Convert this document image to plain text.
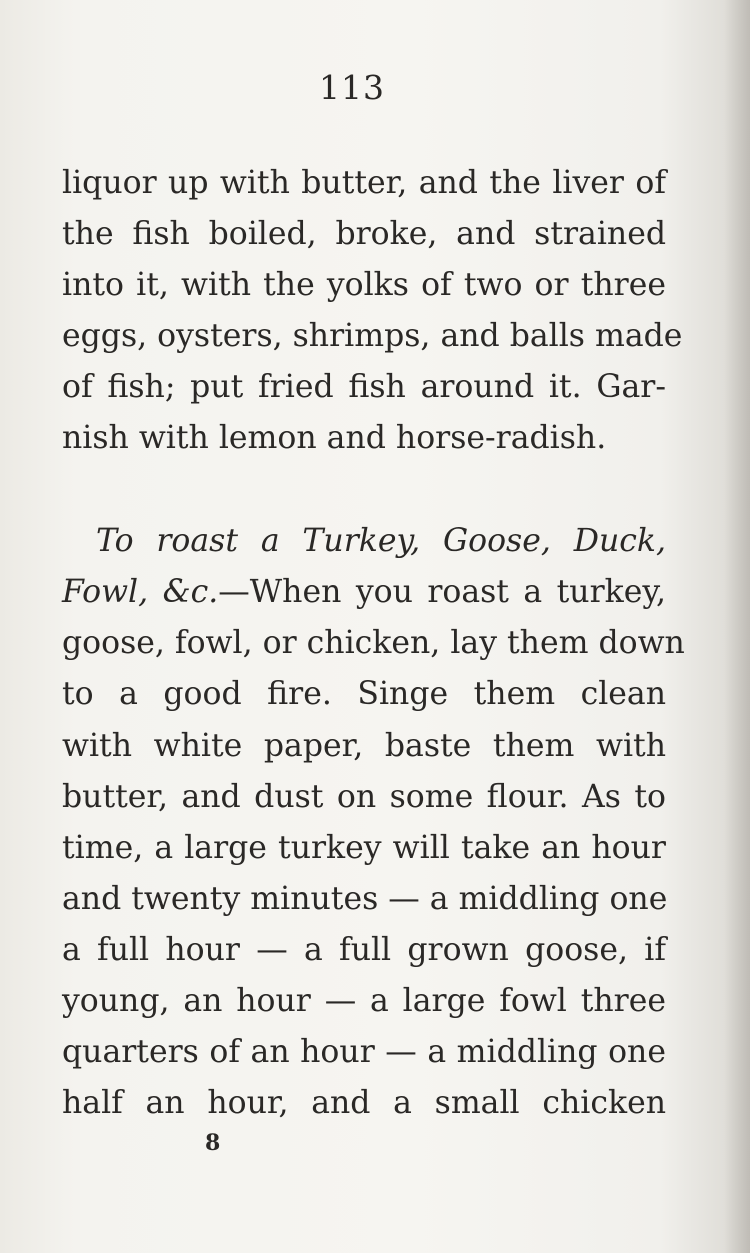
113
liquor up with butter, and the liver of
the fish boiled, broke, and strained
into it, with the yolks of two or three
eggs, oysters, shrimps, and balls made
of fish; put fried fish around it. Gar-
nish with lemon and horse-radish.
To roast a Turkey, Goose, Duck,
Fowl, &c.—When you roast a turkey,
goose, fowl, or chicken, lay them down
to a good fire. Singe them clean
with white paper, baste them with
butter, and dust on some flour. As to
time, a large turkey will take an hour
and twenty minutes — a middling one
a full hour — a full grown goose, if
young, an hour — a large fowl three
quarters of an hour — a middling one
half an hour, and a small chicken
8
